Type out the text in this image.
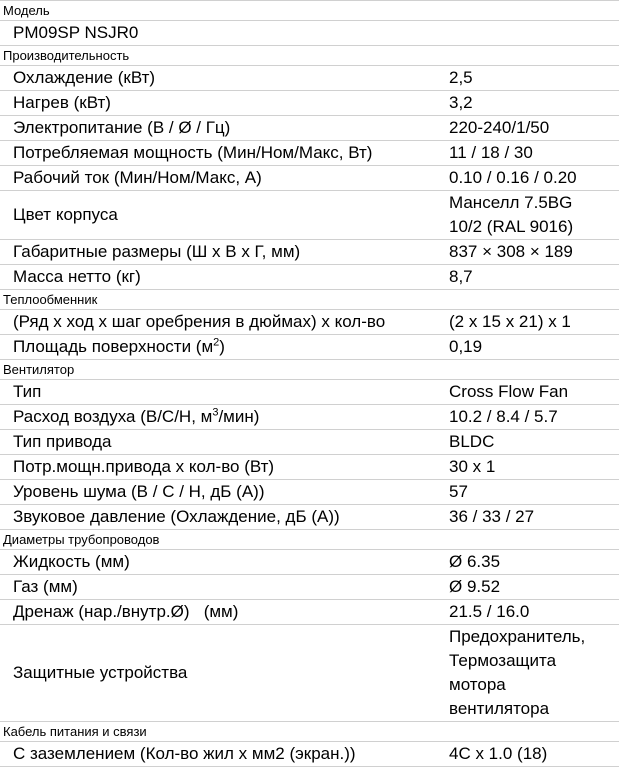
Модель	
PM09SP NSJR0	
Производительность	
Охлаждение (кВт)	2,5
Нагрев (кВт)	3,2
Электропитание (В / Ø / Гц)	220-240/1/50
Потребляемая мощность (Мин/Ном/Макс, Вт)	11 / 18 / 30
Рабочий ток (Мин/Ном/Макс, А)	0.10 / 0.16 / 0.20
Цвет корпуса	Манселл 7.5BG
10/2 (RAL 9016)

Габаритные размеры (Ш х В х Г, мм)	837 × 308 × 189
Масса нетто (кг)	8,7
Теплообменник	
(Ряд х ход х шаг оребрения в дюймах) х кол-во	(2 x 15 x 21) x 1
Площадь поверхности $(м^2)$	0,19
Вентилятор	
Тип	Cross Flow Fan
Расход воздуха (В/С/Н, $м^3/мин$)	10.2 / 8.4 / 5.7
Тип привода	BLDC
Потр.мощн.привода х кол-во (Вт)	30 x 1
Уровень шума (В / С / Н, дБ (А))	57
Звуковое давление (Охлаждение, дБ (А))	36 / 33 / 27
Диаметры трубопроводов	
Жидкость (мм)	Ø 6.35
Газ (мм)	Ø 9.52
Дренаж (нар./внутр.Ø)   (мм)	21.5 / 16.0
Защитные устройства	Предохранитель,
Термозащита
мотора
вентилятора

Кабель питания и связи	
С заземлением (Кол-во жил х мм2 (экран.))	4C x 1.0 (18)
